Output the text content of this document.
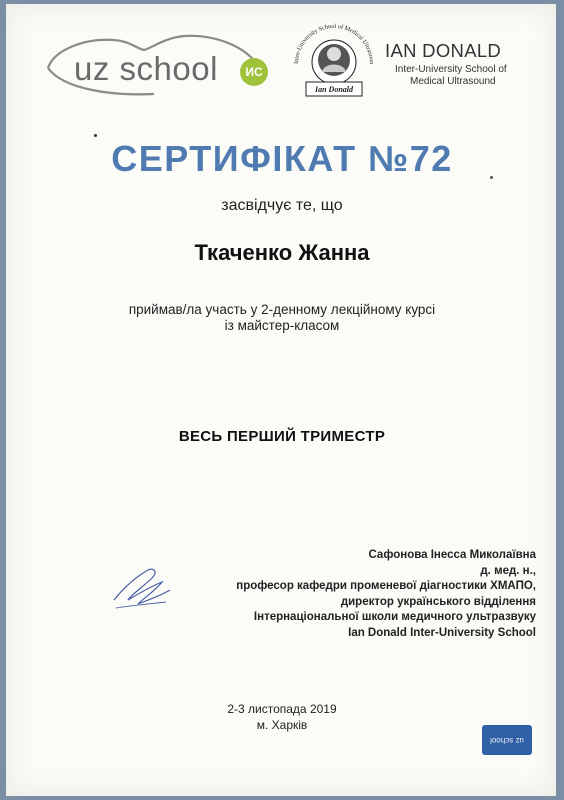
uz school	ИС
Inter-University School of Medical Ultrasoun
Ian Donald
IAN DONALD
Inter-University School of
Medical Ultrasound
СЕРТИФІКАТ №72
засвідчує те, що
Ткаченко Жанна
приймав/ла участь у 2-денному лекційному курсі
із майстер-класом
ВЕСЬ ПЕРШИЙ ТРИМЕСТР
Сафонова Інесса Миколаївна
д. мед. н.,
професор кафедри променевої діагностики ХМАПО,
директор українського відділення
Інтернаціональної школи медичного ультразвуку
Ian Donald Inter-University School
2-3 листопада 2019
м. Харків
uz school
